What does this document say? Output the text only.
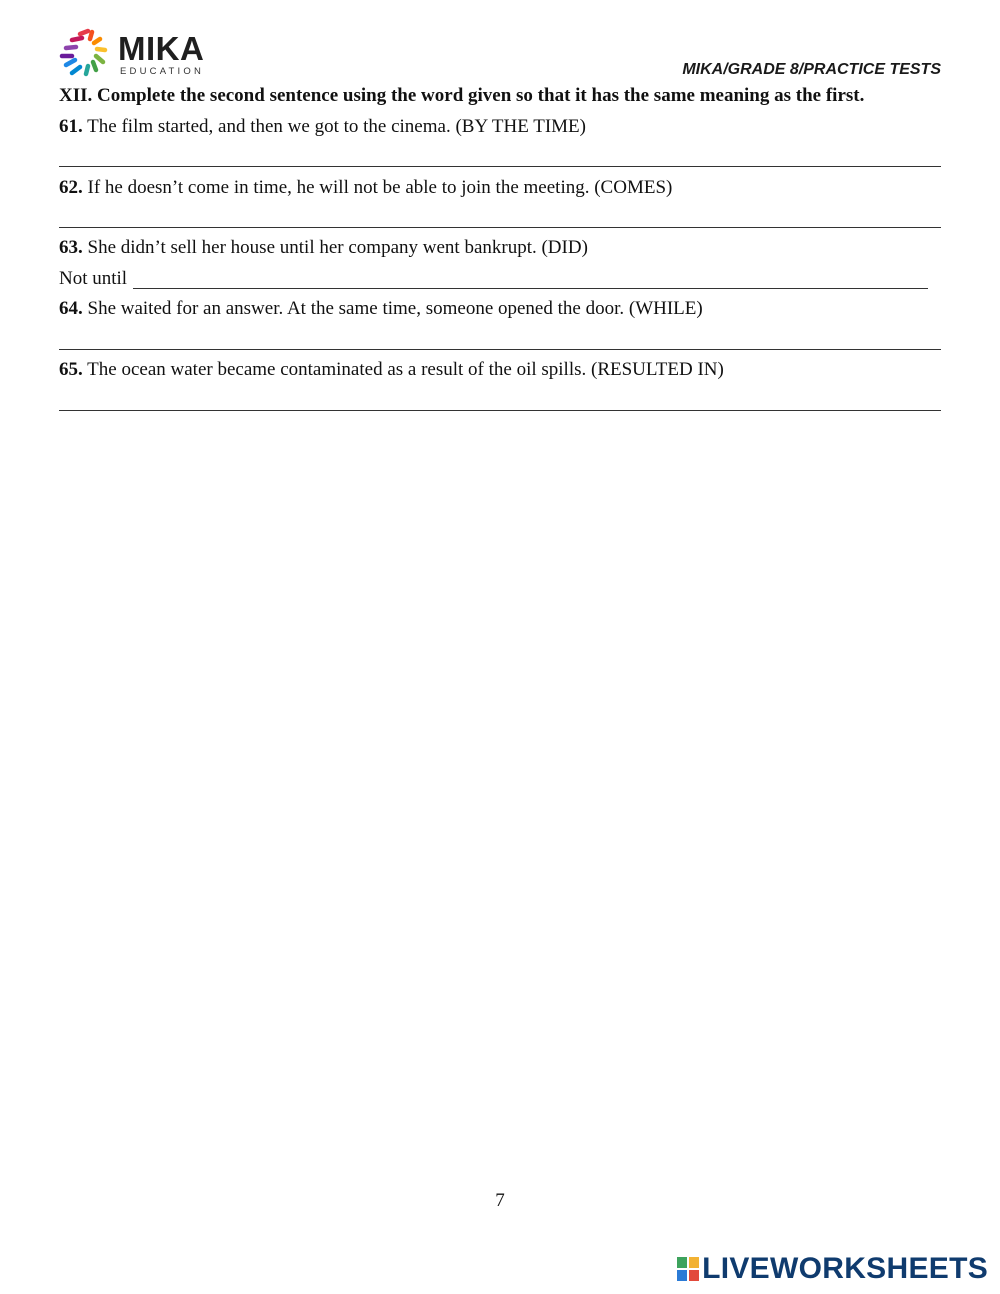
MIKA
EDUCATION	MIKA/GRADE 8/PRACTICE TESTS
XII. Complete the second sentence using the word given so that it has the same meaning as the first.
61. The film started, and then we got to the cinema. (BY THE TIME)
62. If he doesn’t come in time, he will not be able to join the meeting. (COMES)
63. She didn’t sell her house until her company went bankrupt. (DID)
Not until
64. She waited for an answer. At the same time, someone opened the door. (WHILE)
65. The ocean water became contaminated as a result of the oil spills. (RESULTED IN)
7
LIVEWORKSHEETS
